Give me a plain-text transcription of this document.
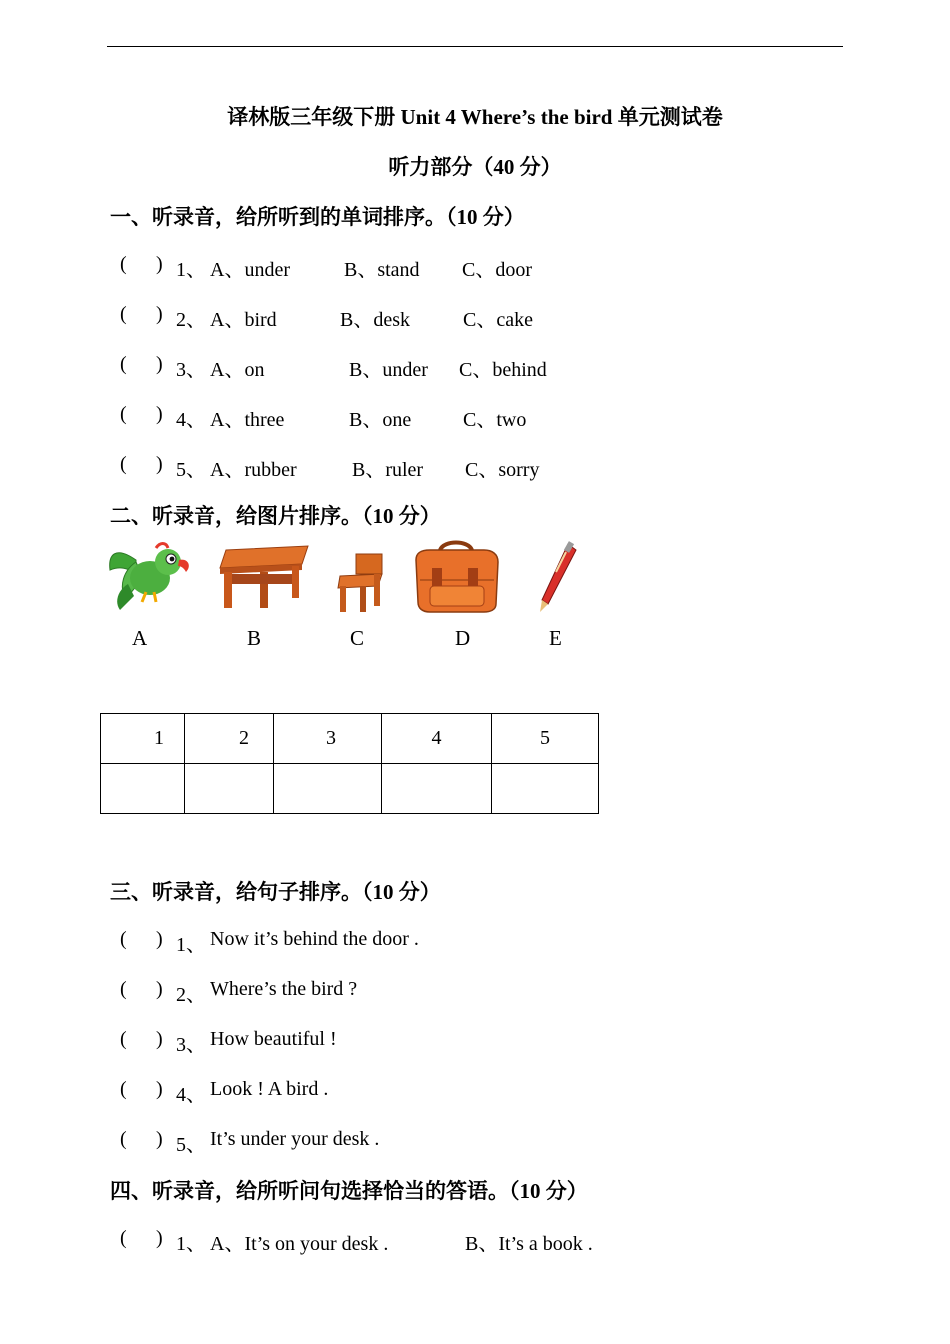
译林版三年级下册 Unit 4 Where’s the bird 单元测试卷
听力部分（40 分）
一、听录音，给所听到的单词排序。（10 分）
( ) 1、 A、under	B、stand C、door
( ) 2、 A、bird	B、desk	C、cake
( ) 3、 A、on	B、under C、behind
( ) 4、 A、three	B、one	C、two
( ) 5、 A、rubber	B、ruler C、sorry
二、听录音，给图片排序。（10 分）
A	B	C	D	E
1	2	3	4	5

三、听录音，给句子排序。（10 分）
( ) 1、 Now it’s behind the door .
( ) 2、 Where’s the bird ?
( ) 3、 How beautiful !
( ) 4、 Look ! A bird .
( ) 5、 It’s under your desk .
四、听录音，给所听问句选择恰当的答语。（10 分）
( ) 1、 A、It’s on your desk .	B、It’s a book .
